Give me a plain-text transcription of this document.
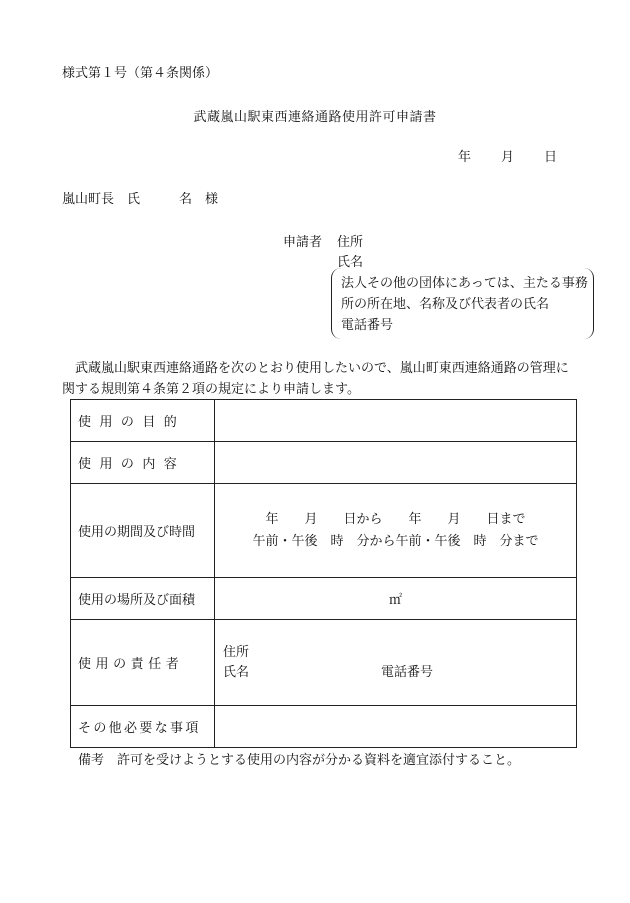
様式第１号（第４条関係）
武蔵嵐山駅東西連絡通路使用許可申請書
年 月 日
嵐山町長　氏　　　名　様
申請者 住所
氏名
法人その他の団体にあっては、主たる事務所の所在地、名称及び代表者の氏名
電話番号
武蔵嵐山駅東西連絡通路を次のとおり使用したいので、嵐山町東西連絡通路の管理に関する規則第４条第２項の規定により申請します。
使用の目的	
使用の内容	
使用の期間及び時間	年　　月　　日から　　年　　月　　日まで
午前・午後　時　分から午前・午後　時　分まで

使用の場所及び面積	㎡
使用の責任者	住所
氏名 電話番号

その他必要な事項	
備考　許可を受けようとする使用の内容が分かる資料を適宜添付すること。
